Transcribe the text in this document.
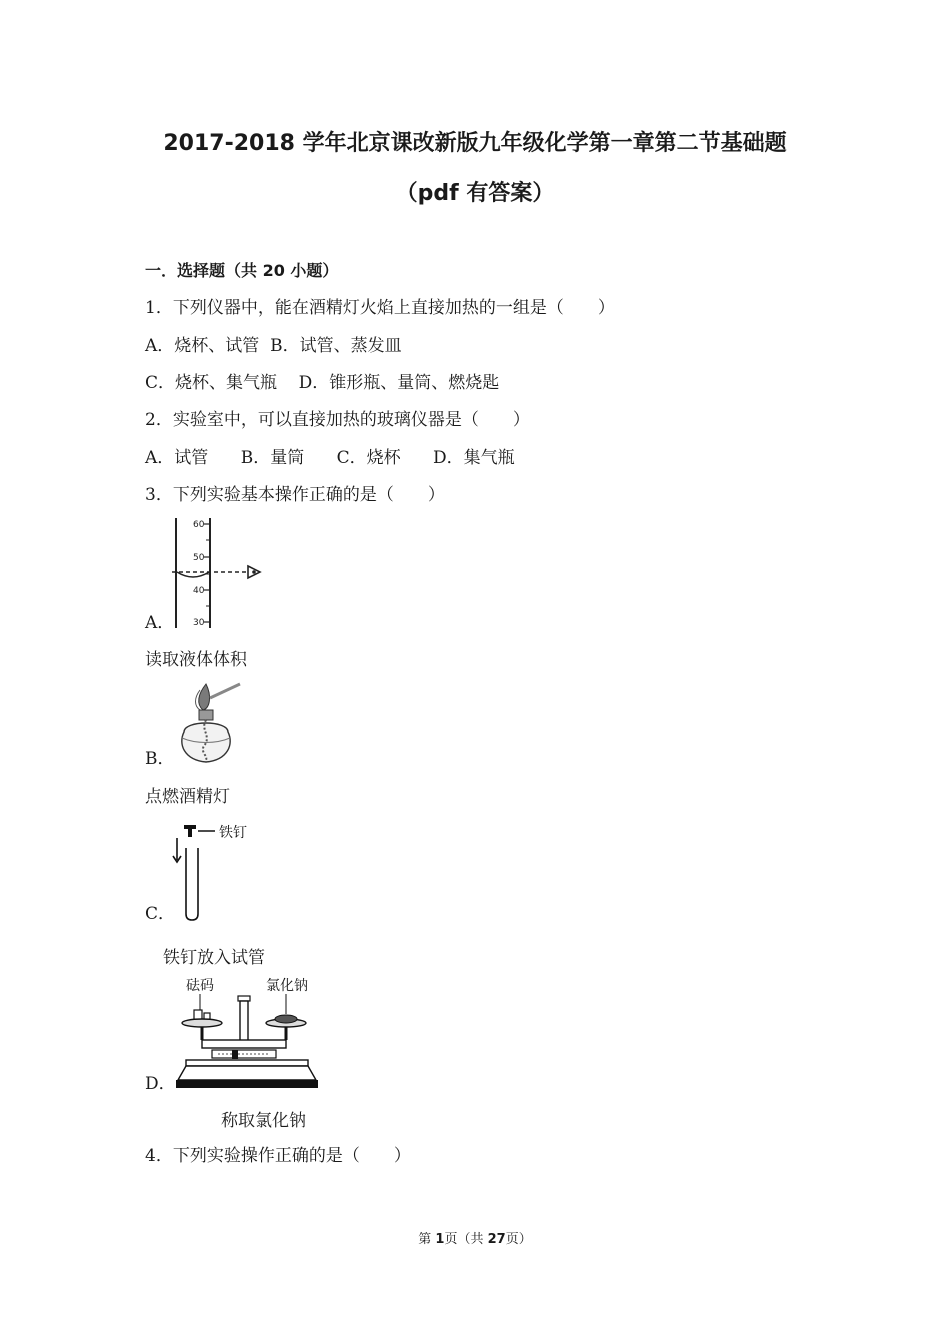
2017-2018 学年北京课改新版九年级化学第一章第二节基础题
（pdf 有答案）
一．选择题（共 20 小题）
1．下列仪器中，能在酒精灯火焰上直接加热的一组是（　　）
A．烧杯、试管  B．试管、蒸发皿
C．烧杯、集气瓶    D．锥形瓶、量筒、燃烧匙
2．实验室中，可以直接加热的玻璃仪器是（　　）
A．试管      B．量筒      C．烧杯      D．集气瓶
3．下列实验基本操作正确的是（　　）
A．
60
50
40
30
读取液体体积
B．
点燃酒精灯
C．
铁钉
铁钉放入试管
D．
砝码	氯化钠
称取氯化钠
4．下列实验操作正确的是（　　）
第 1页（共 27页）
